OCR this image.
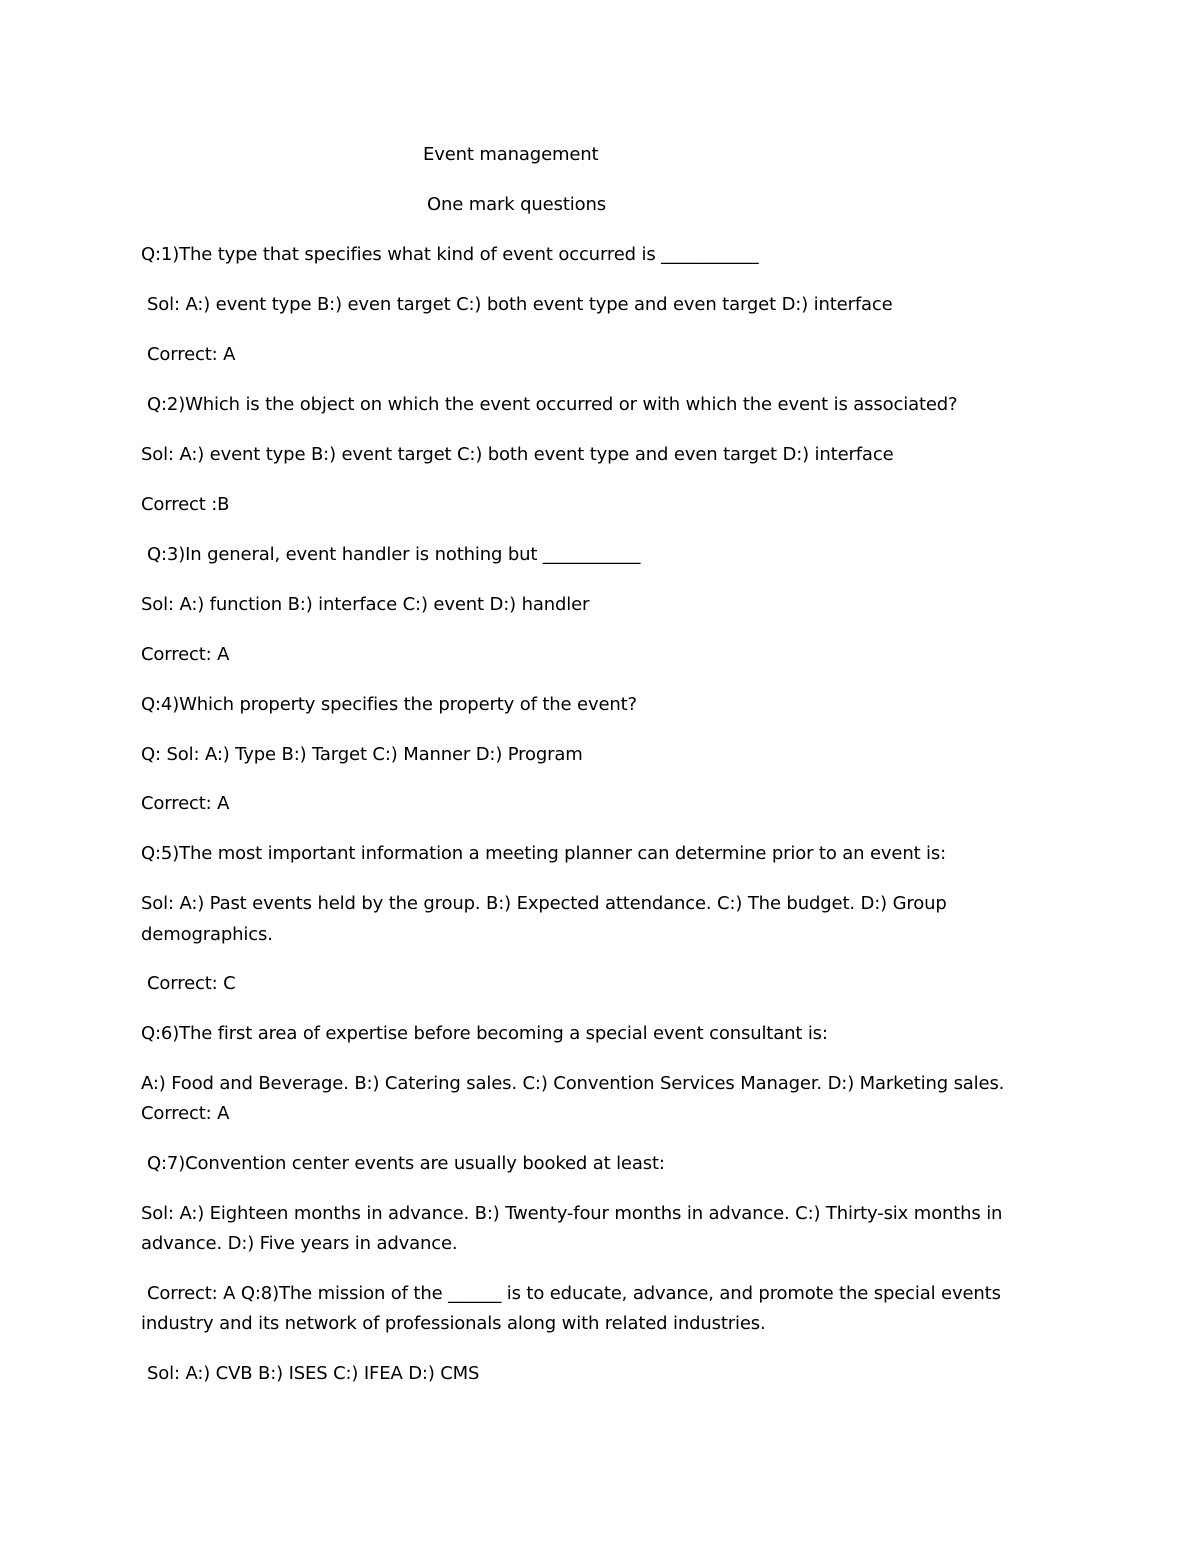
Event management
One mark questions
Q:1)The type that specifies what kind of event occurred is ___________
Sol: A:) event type B:) even target C:) both event type and even target D:) interface
Correct: A
Q:2)Which is the object on which the event occurred or with which the event is associated?
Sol: A:) event type B:) event target C:) both event type and even target D:) interface
Correct :B
Q:3)In general, event handler is nothing but ___________
Sol: A:) function B:) interface C:) event D:) handler
Correct: A
Q:4)Which property specifies the property of the event?
Q: Sol: A:) Type B:) Target C:) Manner D:) Program
Correct: A
Q:5)The most important information a meeting planner can determine prior to an event is:
Sol: A:) Past events held by the group. B:) Expected attendance. C:) The budget. D:) Group
demographics.
Correct: C
Q:6)The first area of expertise before becoming a special event consultant is:
A:) Food and Beverage. B:) Catering sales. C:) Convention Services Manager. D:) Marketing sales.
Correct: A
Q:7)Convention center events are usually booked at least:
Sol: A:) Eighteen months in advance. B:) Twenty-four months in advance. C:) Thirty-six months in
advance. D:) Five years in advance.
Correct: A Q:8)The mission of the ______ is to educate, advance, and promote the special events
industry and its network of professionals along with related industries.
Sol: A:) CVB B:) ISES C:) IFEA D:) CMS
